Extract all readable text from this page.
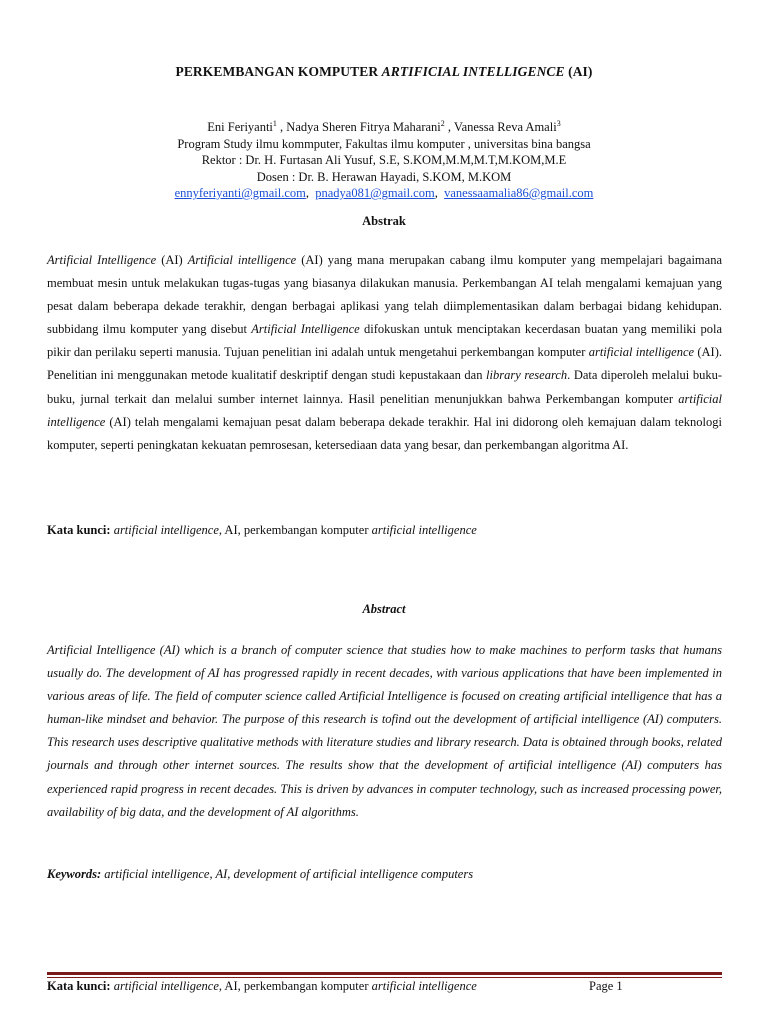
PERKEMBANGAN KOMPUTER ARTIFICIAL INTELLIGENCE (AI)
Eni Feriyanti$^1$ , Nadya Sheren Fitrya Maharani$^2$ , Vanessa Reva Amali$^3$
Program Study ilmu kommputer, Fakultas ilmu komputer , universitas bina bangsa
Rektor : Dr. H. Furtasan Ali Yusuf, S.E, S.KOM,M.M,M.T,M.KOM,M.E
Dosen : Dr. B. Herawan Hayadi, S.KOM, M.KOM
ennyferiyanti@gmail.com,  pnadya081@gmail.com,  vanessaamalia86@gmail.com
Abstrak
Artificial Intelligence (AI) Artificial intelligence (AI) yang mana merupakan cabang ilmu komputer yang mempelajari bagaimana membuat mesin untuk melakukan tugas-tugas yang biasanya dilakukan manusia. Perkembangan AI telah mengalami kemajuan yang pesat dalam beberapa dekade terakhir, dengan berbagai aplikasi yang telah diimplementasikan dalam berbagai bidang kehidupan. subbidang ilmu komputer yang disebut Artificial Intelligence difokuskan untuk menciptakan kecerdasan buatan yang memiliki pola pikir dan perilaku seperti manusia. Tujuan penelitian ini adalah untuk mengetahui perkembangan komputer artificial intelligence (AI). Penelitian ini menggunakan metode kualitatif deskriptif dengan studi kepustakaan dan library research. Data diperoleh melalui buku-buku, jurnal terkait dan melalui sumber internet lainnya. Hasil penelitian menunjukkan bahwa Perkembangan komputer artificial intelligence (AI) telah mengalami kemajuan pesat dalam beberapa dekade terakhir. Hal ini didorong oleh kemajuan dalam teknologi komputer, seperti peningkatan kekuatan pemrosesan, ketersediaan data yang besar, dan perkembangan algoritma AI.
Kata kunci: artificial intelligence, AI, perkembangan komputer artificial intelligence
Abstract
Artificial Intelligence (AI) which is a branch of computer science that studies how to make machines to perform tasks that humans usually do. The development of AI has progressed rapidly in recent decades, with various applications that have been implemented in various areas of life. The field of computer science called Artificial Intelligence is focused on creating artificial intelligence that has a human-like mindset and behavior. The purpose of this research is tofind out the development of artificial intelligence (AI) computers. This research uses descriptive qualitative methods with literature studies and library research. Data is obtained through books, related journals and through other internet sources. The results show that the development of artificial intelligence (AI) computers has experienced rapid progress in recent decades. This is driven by advances in computer technology, such as increased processing power, availability of big data, and the development of AI algorithms.
Keywords: artificial intelligence, AI, development of artificial intelligence computers
Kata kunci: artificial intelligence, AI, perkembangan komputer artificial intelligence	Page 1
